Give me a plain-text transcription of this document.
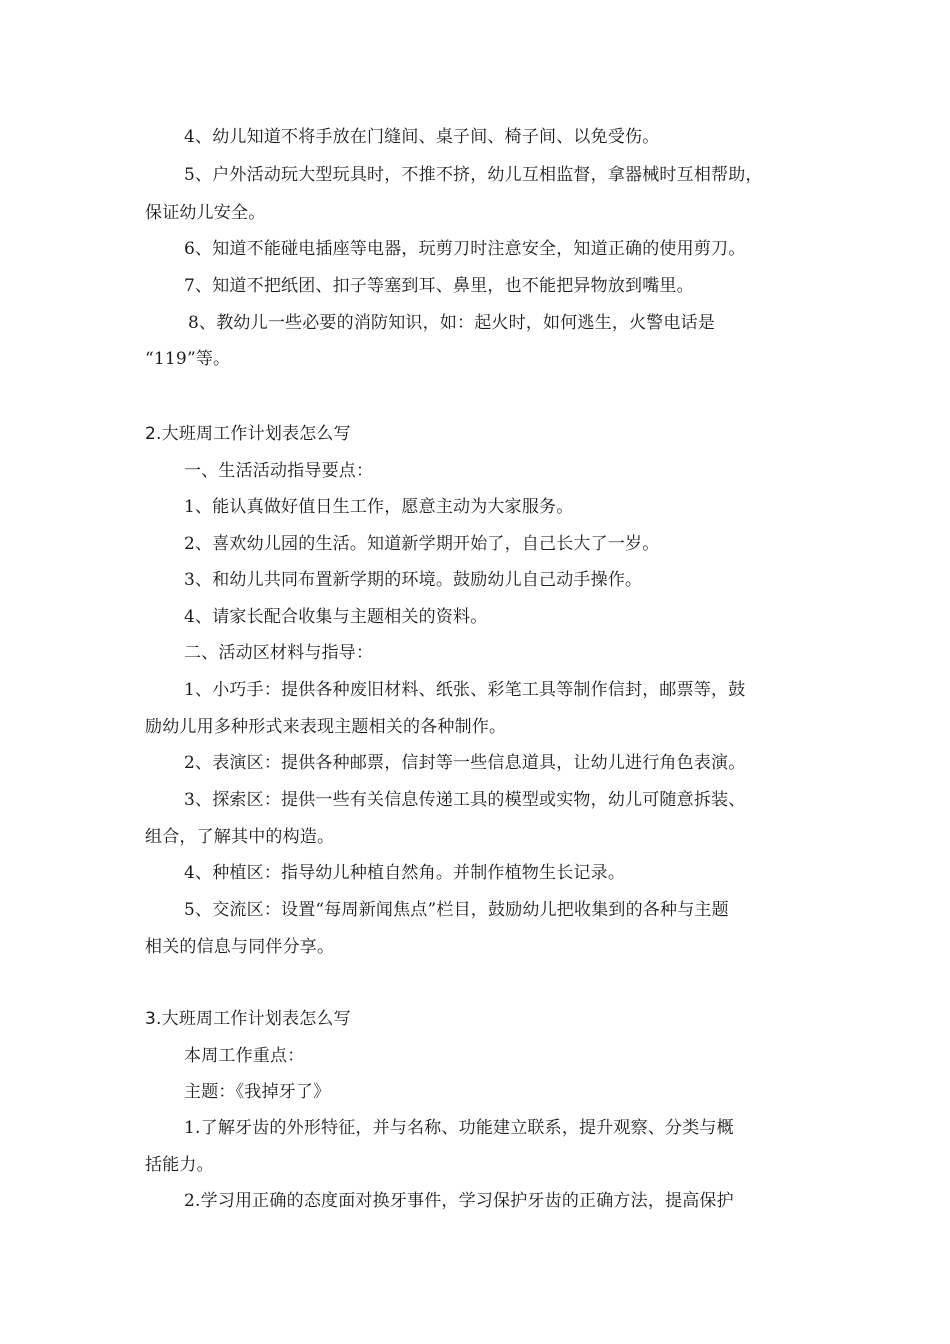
4、幼儿知道不将手放在门缝间、桌子间、椅子间、以免受伤。
5、户外活动玩大型玩具时，不推不挤，幼儿互相监督，拿器械时互相帮助，
保证幼儿安全。
6、知道不能碰电插座等电器，玩剪刀时注意安全，知道正确的使用剪刀。
7、知道不把纸团、扣子等塞到耳、鼻里，也不能把异物放到嘴里。
8、教幼儿一些必要的消防知识，如：起火时，如何逃生，火警电话是
“119”等。
2.大班周工作计划表怎么写
一、生活活动指导要点：
1、能认真做好值日生工作，愿意主动为大家服务。
2、喜欢幼儿园的生活。知道新学期开始了，自己长大了一岁。
3、和幼儿共同布置新学期的环境。鼓励幼儿自己动手操作。
4、请家长配合收集与主题相关的资料。
二、活动区材料与指导：
1、小巧手：提供各种废旧材料、纸张、彩笔工具等制作信封，邮票等，鼓
励幼儿用多种形式来表现主题相关的各种制作。
2、表演区：提供各种邮票，信封等一些信息道具，让幼儿进行角色表演。
3、探索区：提供一些有关信息传递工具的模型或实物，幼儿可随意拆装、
组合，了解其中的构造。
4、种植区：指导幼儿种植自然角。并制作植物生长记录。
5、交流区：设置“每周新闻焦点”栏目，鼓励幼儿把收集到的各种与主题
相关的信息与同伴分享。
3.大班周工作计划表怎么写
本周工作重点：
主题：《我掉牙了》
1.了解牙齿的外形特征，并与名称、功能建立联系，提升观察、分类与概
括能力。
2.学习用正确的态度面对换牙事件，学习保护牙齿的正确方法，提高保护
